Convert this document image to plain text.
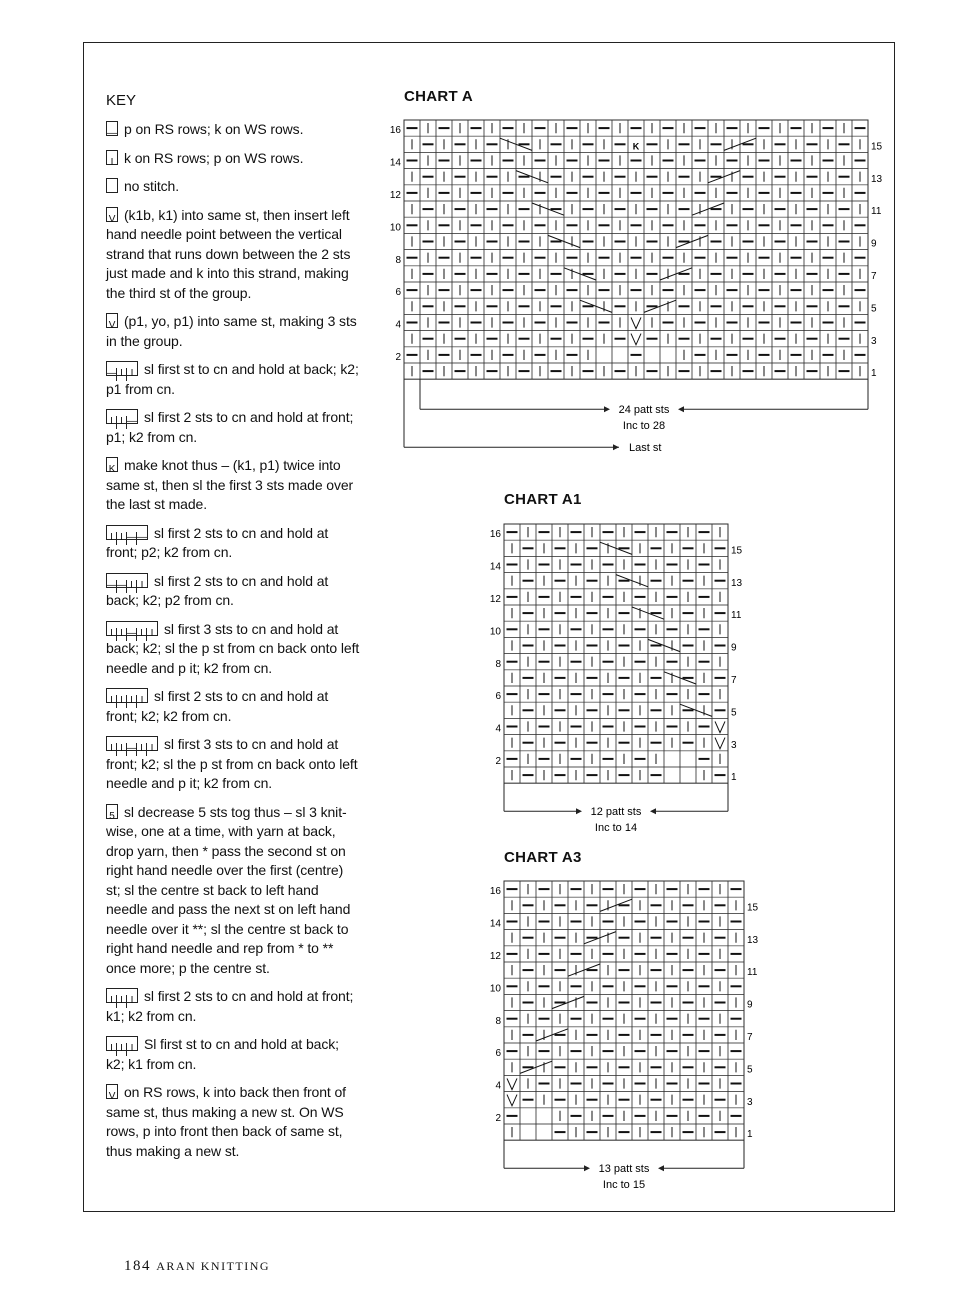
KEY
— p on RS rows; k on WS rows.
I k on RS rows; p on WS rows.
no stitch.
V (k1b, k1) into same st, then insert left hand needle point between the vertical strand that runs down between the 2 sts just made and k into this strand, making the third st of the group.
V (p1, yo, p1) into same st, making 3 sts in the group.
— I I sl first st to cn and hold at back; k2; p1 from cn.
I I — sl first 2 sts to cn and hold at front; p1; k2 from cn.
K make knot thus – (k1, p1) twice into same st, then sl the first 3 sts made over the last st made.
I I —— sl first 2 sts to cn and hold at front; p2; k2 from cn.
—— I I sl first 2 sts to cn and hold at back; k2; p2 from cn.
I I — I I sl first 3 sts to cn and hold at back; k2; sl the p st from cn back onto left needle and p it; k2 from cn.
I I I I sl first 2 sts to cn and hold at front; k2; k2 from cn.
I I — I I sl first 3 sts to cn and hold at front; k2; sl the p st from cn back onto left needle and p it; k2 from cn.
5 sl decrease 5 sts tog thus – sl 3 knit-wise, one at a time, with yarn at back, drop yarn, then * pass the second st on right hand needle over the first (centre) st; sl the centre st back to left hand needle and pass the next st on left hand needle over it **; sl the centre st back to right hand needle and rep from * to ** once more; p the centre st.
I I I sl first 2 sts to cn and hold at front; k1; k2 from cn.
I I I Sl first st to cn and hold at back; k2; k1 from cn.
V on RS rows, k into back then front of same st, thus making a new st. On WS rows, p into front then back of same st, thus making a new st.
CHART A
CHART A1
CHART A3
K
16
14
12
10
8
6
4
2
15
13
11
9
7
5
3
1
24 patt sts
Inc to 28
Last st
16
14
12
10
8
6
4
2
15
13
11
9
7
5
3
1
12 patt sts
Inc to 14
16
14
12
10
8
6
4
2
15
13
11
9
7
5
3
1
13 patt sts
Inc to 15
184 ARAN KNITTING
